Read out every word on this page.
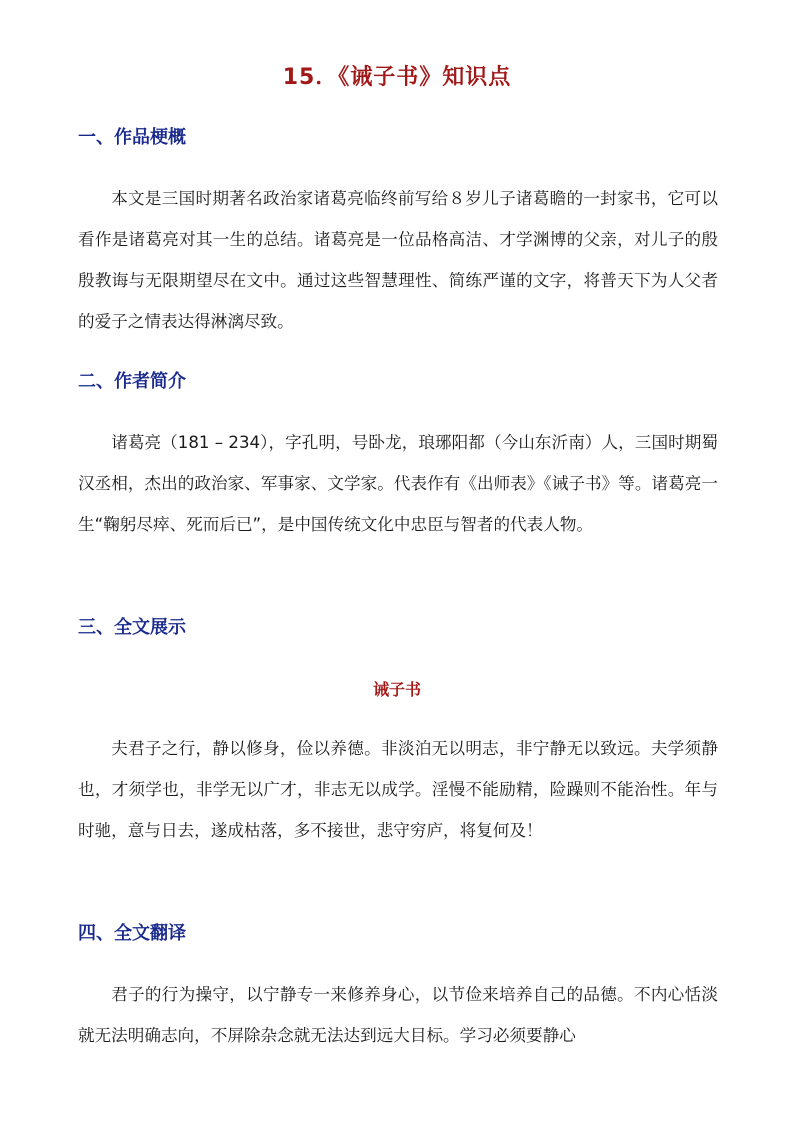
15．《诫子书》知识点
一、作品梗概
本文是三国时期著名政治家诸葛亮临终前写给８岁儿子诸葛瞻的一封家书，它可以看作是诸葛亮对其一生的总结。诸葛亮是一位品格高洁、才学渊博的父亲，对儿子的殷殷教诲与无限期望尽在文中。通过这些智慧理性、简练严谨的文字，将普天下为人父者的爱子之情表达得淋漓尽致。
二、作者简介
诸葛亮（181 – 234），字孔明，号卧龙，琅琊阳都（今山东沂南）人，三国时期蜀汉丞相，杰出的政治家、军事家、文学家。代表作有《出师表》《诫子书》等。诸葛亮一生“鞠躬尽瘁、死而后已”，是中国传统文化中忠臣与智者的代表人物。
三、全文展示
诫子书
夫君子之行，静以修身，俭以养德。非淡泊无以明志，非宁静无以致远。夫学须静也，才须学也，非学无以广才，非志无以成学。淫慢不能励精，险躁则不能治性。年与时驰，意与日去，遂成枯落，多不接世，悲守穷庐，将复何及！
四、全文翻译
君子的行为操守，以宁静专一来修养身心，以节俭来培养自己的品德。不内心恬淡就无法明确志向，不屏除杂念就无法达到远大目标。学习必须要静心
